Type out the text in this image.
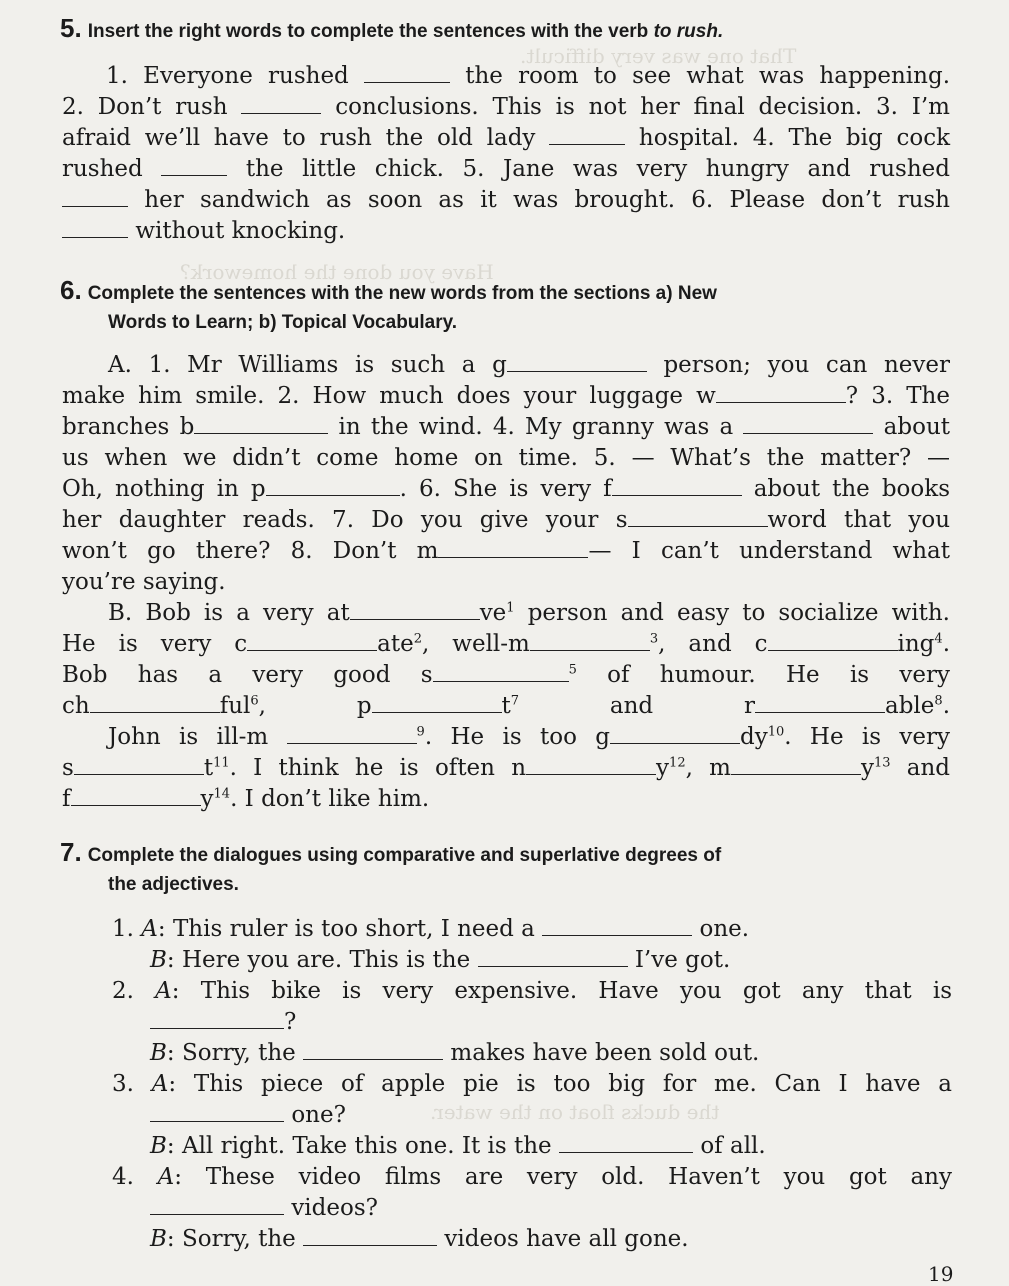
That one was very difficult.
Have you done the homework?
the ducks float on the water.
5. Insert the right words to complete the sentences with the verb to rush.
1. Everyone rushed	the room to see what was happening.
2. Don’t rush	conclusions. This is not her final decision. 3. I’m
afraid we’ll have to rush the old lady	hospital. 4. The big cock
rushed	the little chick. 5. Jane was very hungry and rushed
her sandwich as soon as it was brought. 6. Please don’t rush
without knocking.
6. Complete the sentences with the new words from the sections a) New
Words to Learn; b) Topical Vocabulary.
A. 1. Mr Williams is such a g	person; you can never
make him smile. 2. How much does your luggage w	? 3. The
branches b	in the wind. 4. My granny was a	about
us when we didn’t come home on time. 5. — What’s the matter? —
Oh, nothing in p	. 6. She is very f	about the books
her daughter reads. 7. Do you give your s	word that you
won’t go there? 8. Don’t m	— I can’t understand what
you’re saying.
B. Bob is a very at	$ve^1$ person and easy to socialize with.
He is very c	ate$^2$, well-m	$^3$, and c	ing$^4$.
Bob has a very good s	$^5$ of humour. He is very
ch	ful$^6$, p	$t^7$ and r	able$^8$.
John is ill-m	$^9$. He is too g	$dy^{10}$. He is very
s	$t^{11}$. I think he is often n	$y^{12}$, m	$y^{13}$ and
f	$y^{14}$. I don’t like him.
7. Complete the dialogues using comparative and superlative degrees of
the adjectives.
1. A: This ruler is too short, I need a	one.
B: Here you are. This is the	I’ve got.
2. A: This bike is very expensive. Have you got any that is
?
B: Sorry, the	makes have been sold out.
3. A: This piece of apple pie is too big for me. Can I have a
one?
B: All right. Take this one. It is the	of all.
4. A: These video films are very old. Haven’t you got any
videos?
B: Sorry, the	videos have all gone.
19
